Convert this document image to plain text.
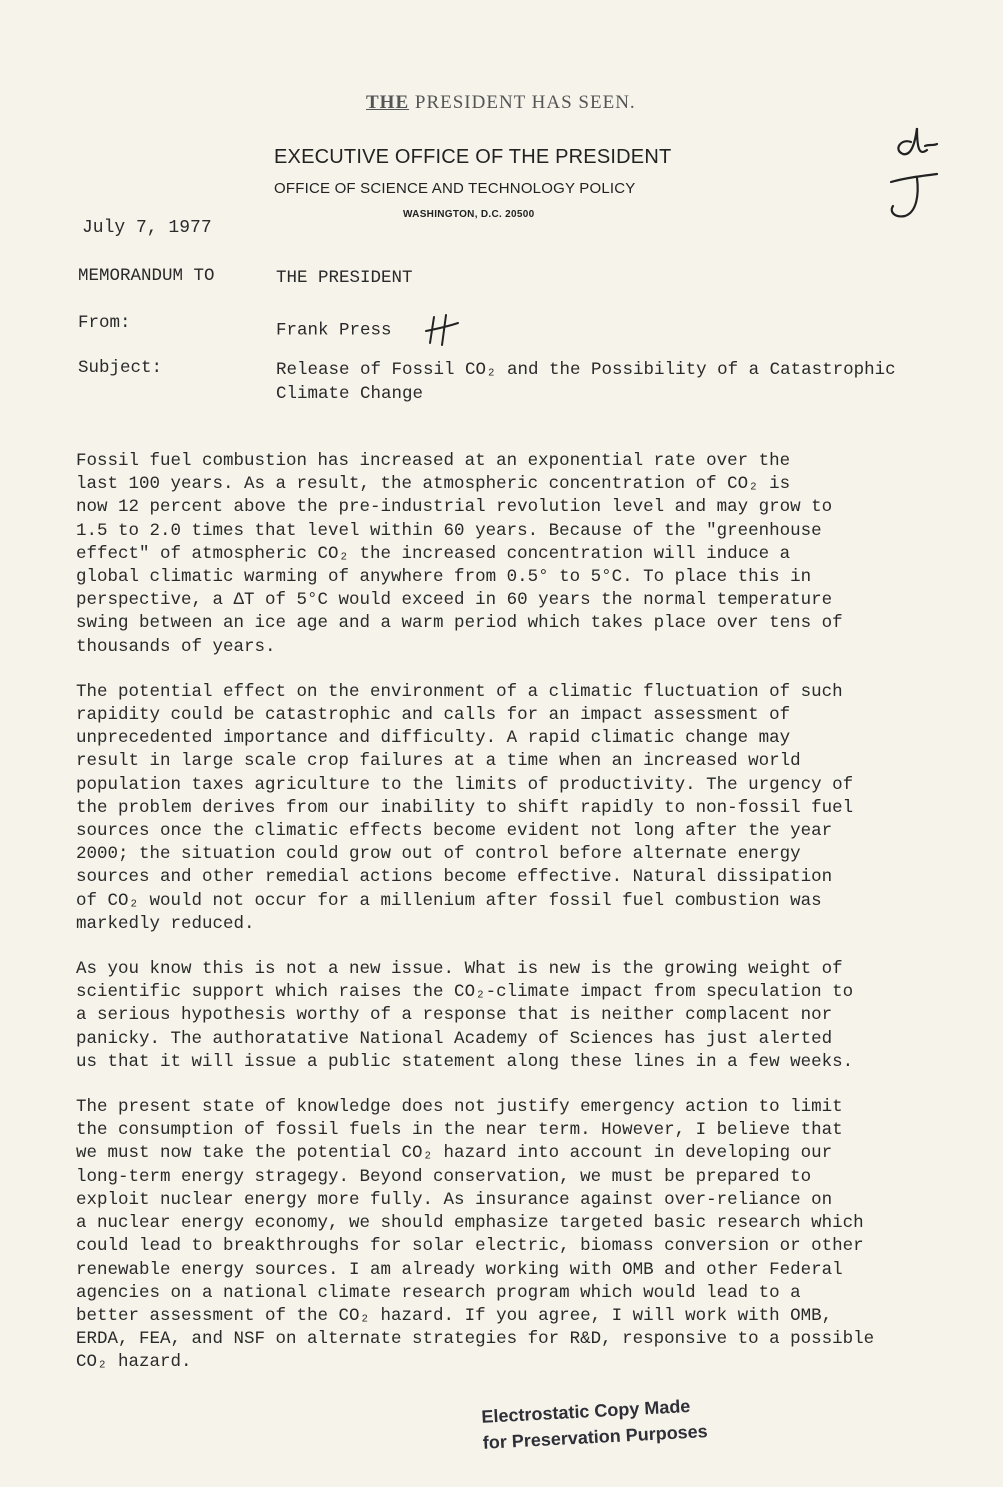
THE PRESIDENT HAS SEEN.
EXECUTIVE OFFICE OF THE PRESIDENT
OFFICE OF SCIENCE AND TECHNOLOGY POLICY
WASHINGTON, D.C. 20500
July 7, 1977
MEMORANDUM TO	THE PRESIDENT
From:	Frank Press
Subject:	Release of Fossil CO₂ and the Possibility of a Catastrophic
Climate Change

Fossil fuel combustion has increased at an exponential rate over the
last 100 years. As a result, the atmospheric concentration of CO₂ is
now 12 percent above the pre-industrial revolution level and may grow to
1.5 to 2.0 times that level within 60 years. Because of the "greenhouse
effect" of atmospheric CO₂ the increased concentration will induce a
global climatic warming of anywhere from 0.5° to 5°C. To place this in
perspective, a ΔT of 5°C would exceed in 60 years the normal temperature
swing between an ice age and a warm period which takes place over tens of
thousands of years.

The potential effect on the environment of a climatic fluctuation of such
rapidity could be catastrophic and calls for an impact assessment of
unprecedented importance and difficulty. A rapid climatic change may
result in large scale crop failures at a time when an increased world
population taxes agriculture to the limits of productivity. The urgency of
the problem derives from our inability to shift rapidly to non-fossil fuel
sources once the climatic effects become evident not long after the year
2000; the situation could grow out of control before alternate energy
sources and other remedial actions become effective. Natural dissipation
of CO₂ would not occur for a millenium after fossil fuel combustion was
markedly reduced.

As you know this is not a new issue. What is new is the growing weight of
scientific support which raises the CO₂-climate impact from speculation to
a serious hypothesis worthy of a response that is neither complacent nor
panicky. The authoratative National Academy of Sciences has just alerted
us that it will issue a public statement along these lines in a few weeks.

The present state of knowledge does not justify emergency action to limit
the consumption of fossil fuels in the near term. However, I believe that
we must now take the potential CO₂ hazard into account in developing our
long-term energy stragegy. Beyond conservation, we must be prepared to
exploit nuclear energy more fully. As insurance against over-reliance on
a nuclear energy economy, we should emphasize targeted basic research which
could lead to breakthroughs for solar electric, biomass conversion or other
renewable energy sources. I am already working with OMB and other Federal
agencies on a national climate research program which would lead to a
better assessment of the CO₂ hazard. If you agree, I will work with OMB,
ERDA, FEA, and NSF on alternate strategies for R&D, responsive to a possible
CO₂ hazard.

Electrostatic Copy Made
for Preservation Purposes
